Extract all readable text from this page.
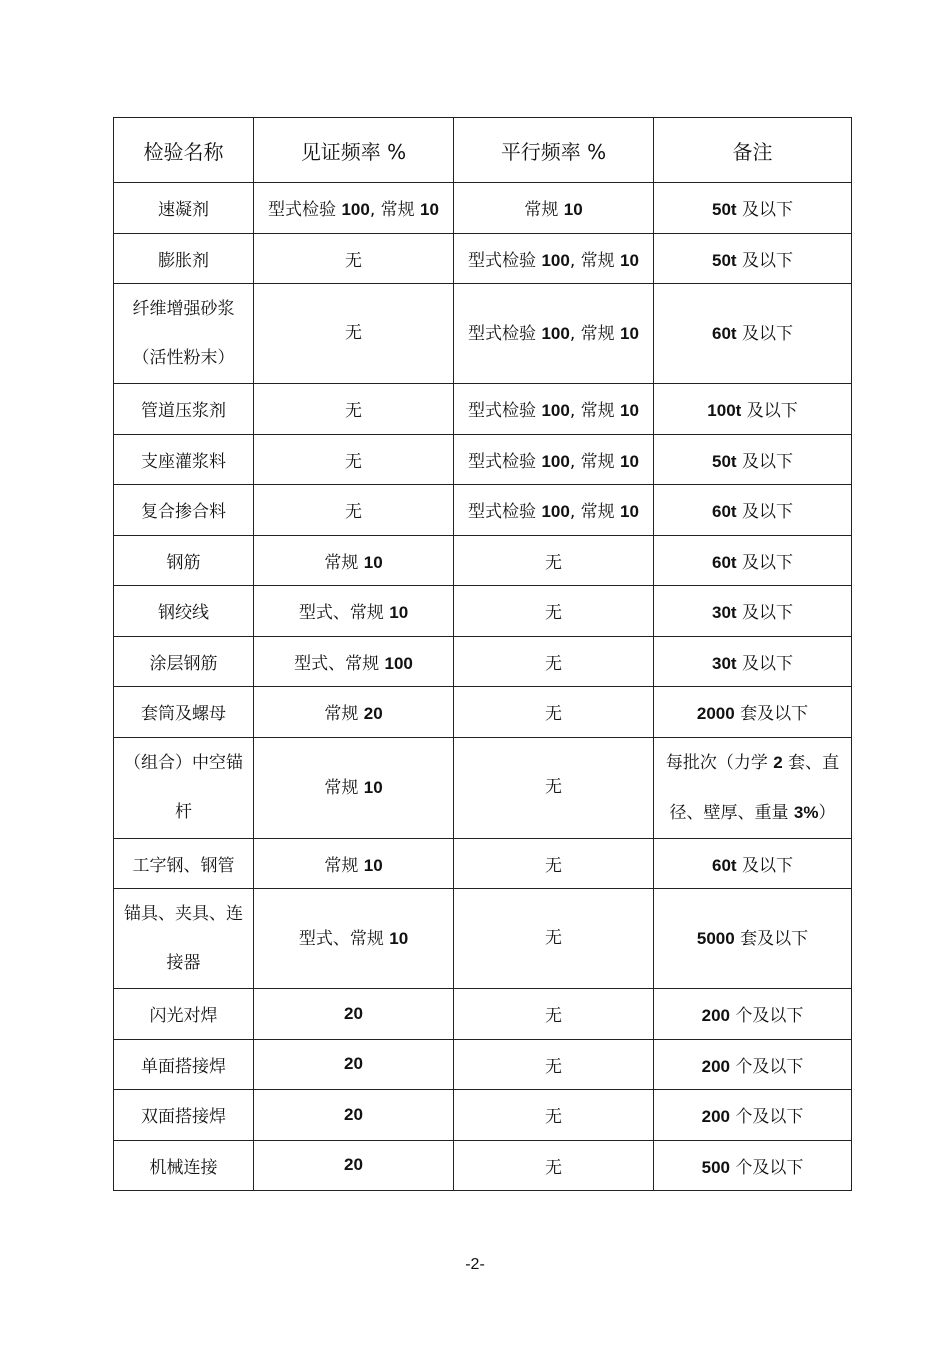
检验名称	见证频率 %	平行频率 %	备注
速凝剂	型式检验 100, 常规 10	常规 10	50t 及以下
膨胀剂	无	型式检验 100, 常规 10	50t 及以下
纤维增强砂浆（活性粉末）	无	型式检验 100, 常规 10	60t 及以下
管道压浆剂	无	型式检验 100, 常规 10	100t 及以下
支座灌浆料	无	型式检验 100, 常规 10	50t 及以下
复合掺合料	无	型式检验 100, 常规 10	60t 及以下
钢筋	常规 10	无	60t 及以下
钢绞线	型式、常规 10	无	30t 及以下
涂层钢筋	型式、常规 100	无	30t 及以下
套筒及螺母	常规 20	无	2000 套及以下
（组合）中空锚杆	常规 10	无	每批次（力学 2 套、直径、壁厚、重量 3%）
工字钢、钢管	常规 10	无	60t 及以下
锚具、夹具、连接器	型式、常规 10	无	5000 套及以下
闪光对焊	20	无	200 个及以下
单面搭接焊	20	无	200 个及以下
双面搭接焊	20	无	200 个及以下
机械连接	20	无	500 个及以下
-2-
